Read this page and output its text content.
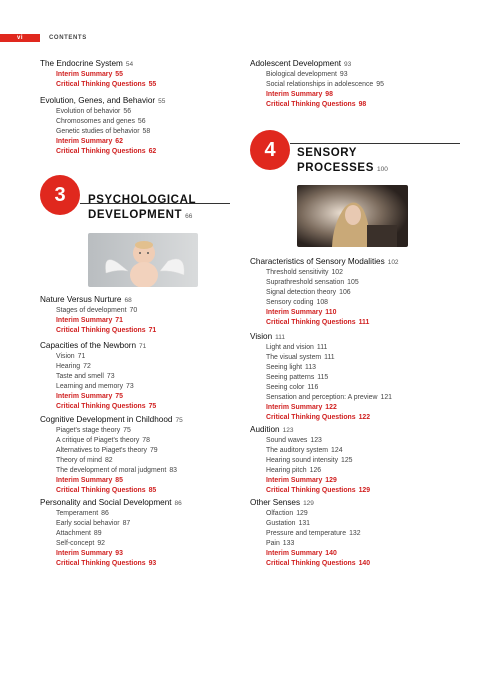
vi	CONTENTS
The Endocrine System 54
Interim Summary 55
Critical Thinking Questions 55
Evolution, Genes, and Behavior 55
Evolution of behavior 56
Chromosomes and genes 56
Genetic studies of behavior 58
Interim Summary 62
Critical Thinking Questions 62
3	PSYCHOLOGICAL
DEVELOPMENT 66
Nature Versus Nurture 68
Stages of development 70
Interim Summary 71
Critical Thinking Questions 71
Capacities of the Newborn 71
Vision 71
Hearing 72
Taste and smell 73
Learning and memory 73
Interim Summary 75
Critical Thinking Questions 75
Cognitive Development in Childhood 75
Piaget's stage theory 75
A critique of Piaget's theory 78
Alternatives to Piaget's theory 79
Theory of mind 82
The development of moral judgment 83
Interim Summary 85
Critical Thinking Questions 85
Personality and Social Development 86
Temperament 86
Early social behavior 87
Attachment 89
Self-concept 92
Interim Summary 93
Critical Thinking Questions 93
Adolescent Development 93
Biological development 93
Social relationships in adolescence 95
Interim Summary 98
Critical Thinking Questions 98
4	SENSORY
PROCESSES 100
Characteristics of Sensory Modalities 102
Threshold sensitivity 102
Suprathreshold sensation 105
Signal detection theory 106
Sensory coding 108
Interim Summary 110
Critical Thinking Questions 111
Vision 111
Light and vision 111
The visual system 111
Seeing light 113
Seeing patterns 115
Seeing color 116
Sensation and perception: A preview 121
Interim Summary 122
Critical Thinking Questions 122
Audition 123
Sound waves 123
The auditory system 124
Hearing sound intensity 125
Hearing pitch 126
Interim Summary 129
Critical Thinking Questions 129
Other Senses 129
Olfaction 129
Gustation 131
Pressure and temperature 132
Pain 133
Interim Summary 140
Critical Thinking Questions 140
